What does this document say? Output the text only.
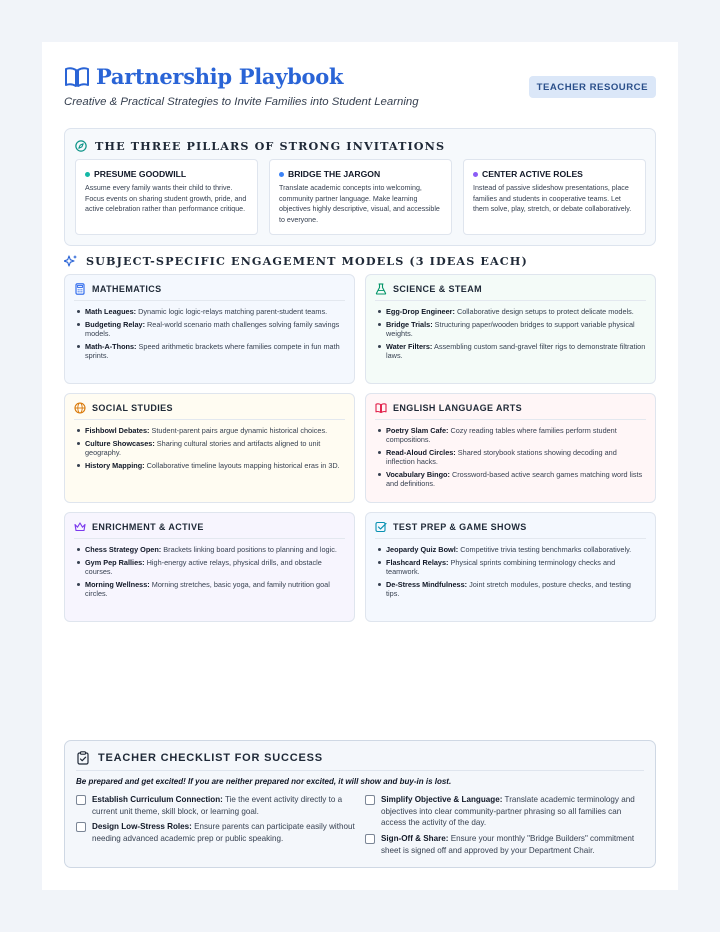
Partnership Playbook
Creative & Practical Strategies to Invite Families into Student Learning
TEACHER RESOURCE
THE THREE PILLARS OF STRONG INVITATIONS
PRESUME GOODWILL

Assume every family wants their child to thrive. Focus events on sharing student growth, pride, and active celebration rather than performance critique.

BRIDGE THE JARGON

Translate academic concepts into welcoming, community partner language. Make learning objectives highly descriptive, visual, and accessible to everyone.

CENTER ACTIVE ROLES

Instead of passive slideshow presentations, place families and students in cooperative teams. Let them solve, play, stretch, or debate collaboratively.

SUBJECT-SPECIFIC ENGAGEMENT MODELS (3 IDEAS EACH)
MATHEMATICS
Math Leagues: Dynamic logic logic-relays matching parent-student teams.
Budgeting Relay: Real-world scenario math challenges solving family savings models.
Math-A-Thons: Speed arithmetic brackets where families compete in fun math sprints.
SCIENCE & STEAM
Egg-Drop Engineer: Collaborative design setups to protect delicate models.
Bridge Trials: Structuring paper/wooden bridges to support variable physical weights.
Water Filters: Assembling custom sand-gravel filter rigs to demonstrate filtration laws.
SOCIAL STUDIES
Fishbowl Debates: Student-parent pairs argue dynamic historical choices.
Culture Showcases: Sharing cultural stories and artifacts aligned to unit geography.
History Mapping: Collaborative timeline layouts mapping historical eras in 3D.
ENGLISH LANGUAGE ARTS
Poetry Slam Cafe: Cozy reading tables where families perform student compositions.
Read-Aloud Circles: Shared storybook stations showing decoding and inflection hacks.
Vocabulary Bingo: Crossword-based active search games matching word lists and definitions.
ENRICHMENT & ACTIVE
Chess Strategy Open: Brackets linking board positions to planning and logic.
Gym Pep Rallies: High-energy active relays, physical drills, and obstacle courses.
Morning Wellness: Morning stretches, basic yoga, and family nutrition goal circles.
TEST PREP & GAME SHOWS
Jeopardy Quiz Bowl: Competitive trivia testing benchmarks collaboratively.
Flashcard Relays: Physical sprints combining terminology checks and teamwork.
De-Stress Mindfulness: Joint stretch modules, posture checks, and testing tips.
TEACHER CHECKLIST FOR SUCCESS
Be prepared and get excited! If you are neither prepared nor excited, it will show and buy-in is lost.
Establish Curriculum Connection: Tie the event activity directly to a current unit theme, skill block, or learning goal.
Design Low-Stress Roles: Ensure parents can participate easily without needing advanced academic prep or public speaking.
Simplify Objective & Language: Translate academic terminology and objectives into clear community-partner phrasing so all families can access the activity of the day.
Sign-Off & Share: Ensure your monthly "Bridge Builders" commitment sheet is signed off and approved by your Department Chair.
